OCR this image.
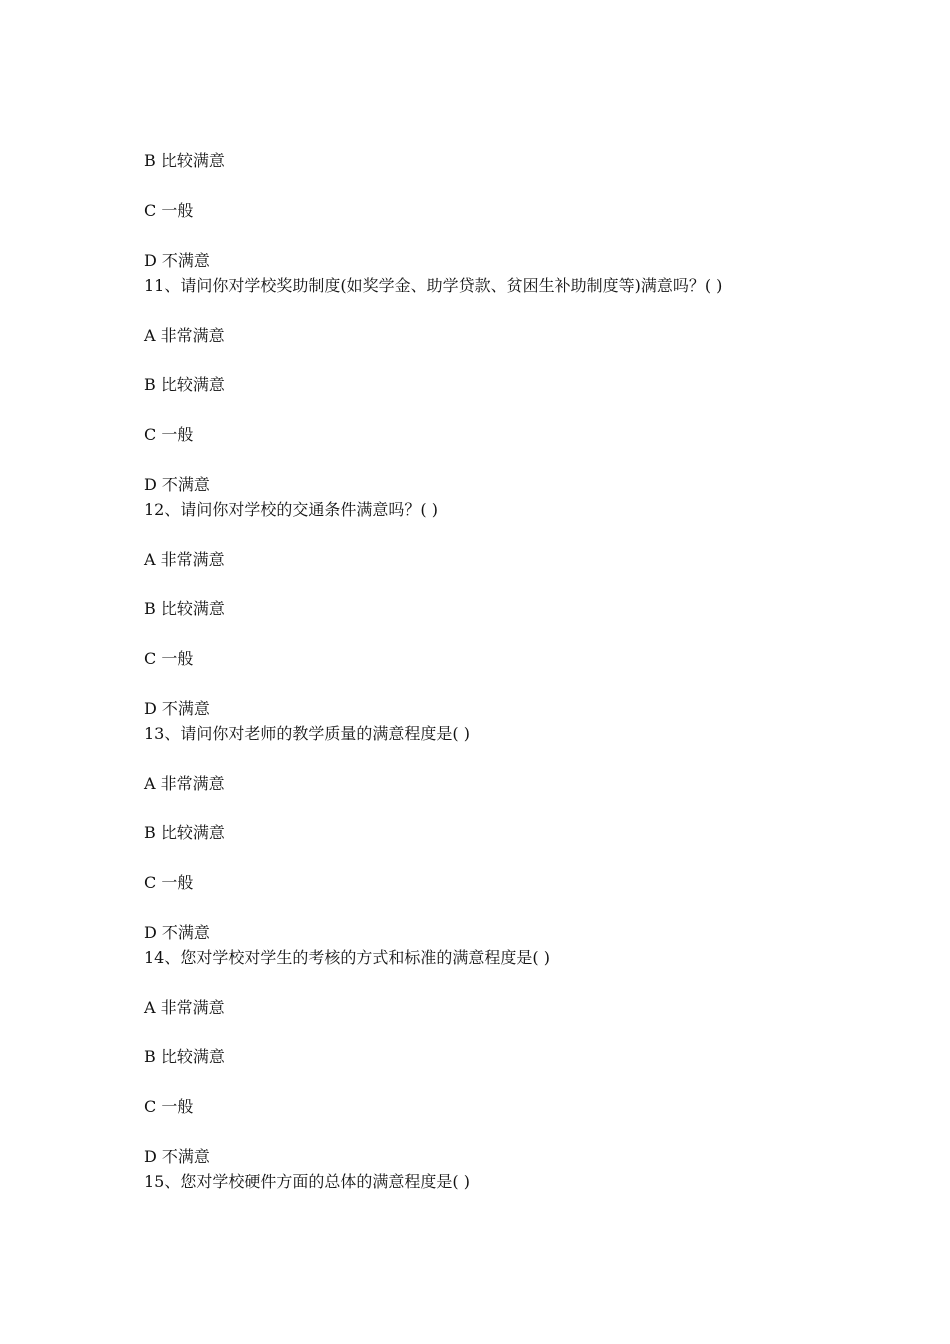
B 比较满意
C 一般
D 不满意
11、请问你对学校奖助制度(如奖学金、助学贷款、贫困生补助制度等)满意吗？( )
A 非常满意
B 比较满意
C 一般
D 不满意
12、请问你对学校的交通条件满意吗？( )
A 非常满意
B 比较满意
C 一般
D 不满意
13、请问你对老师的教学质量的满意程度是( )
A 非常满意
B 比较满意
C 一般
D 不满意
14、您对学校对学生的考核的方式和标准的满意程度是( )
A 非常满意
B 比较满意
C 一般
D 不满意
15、您对学校硬件方面的总体的满意程度是( )
